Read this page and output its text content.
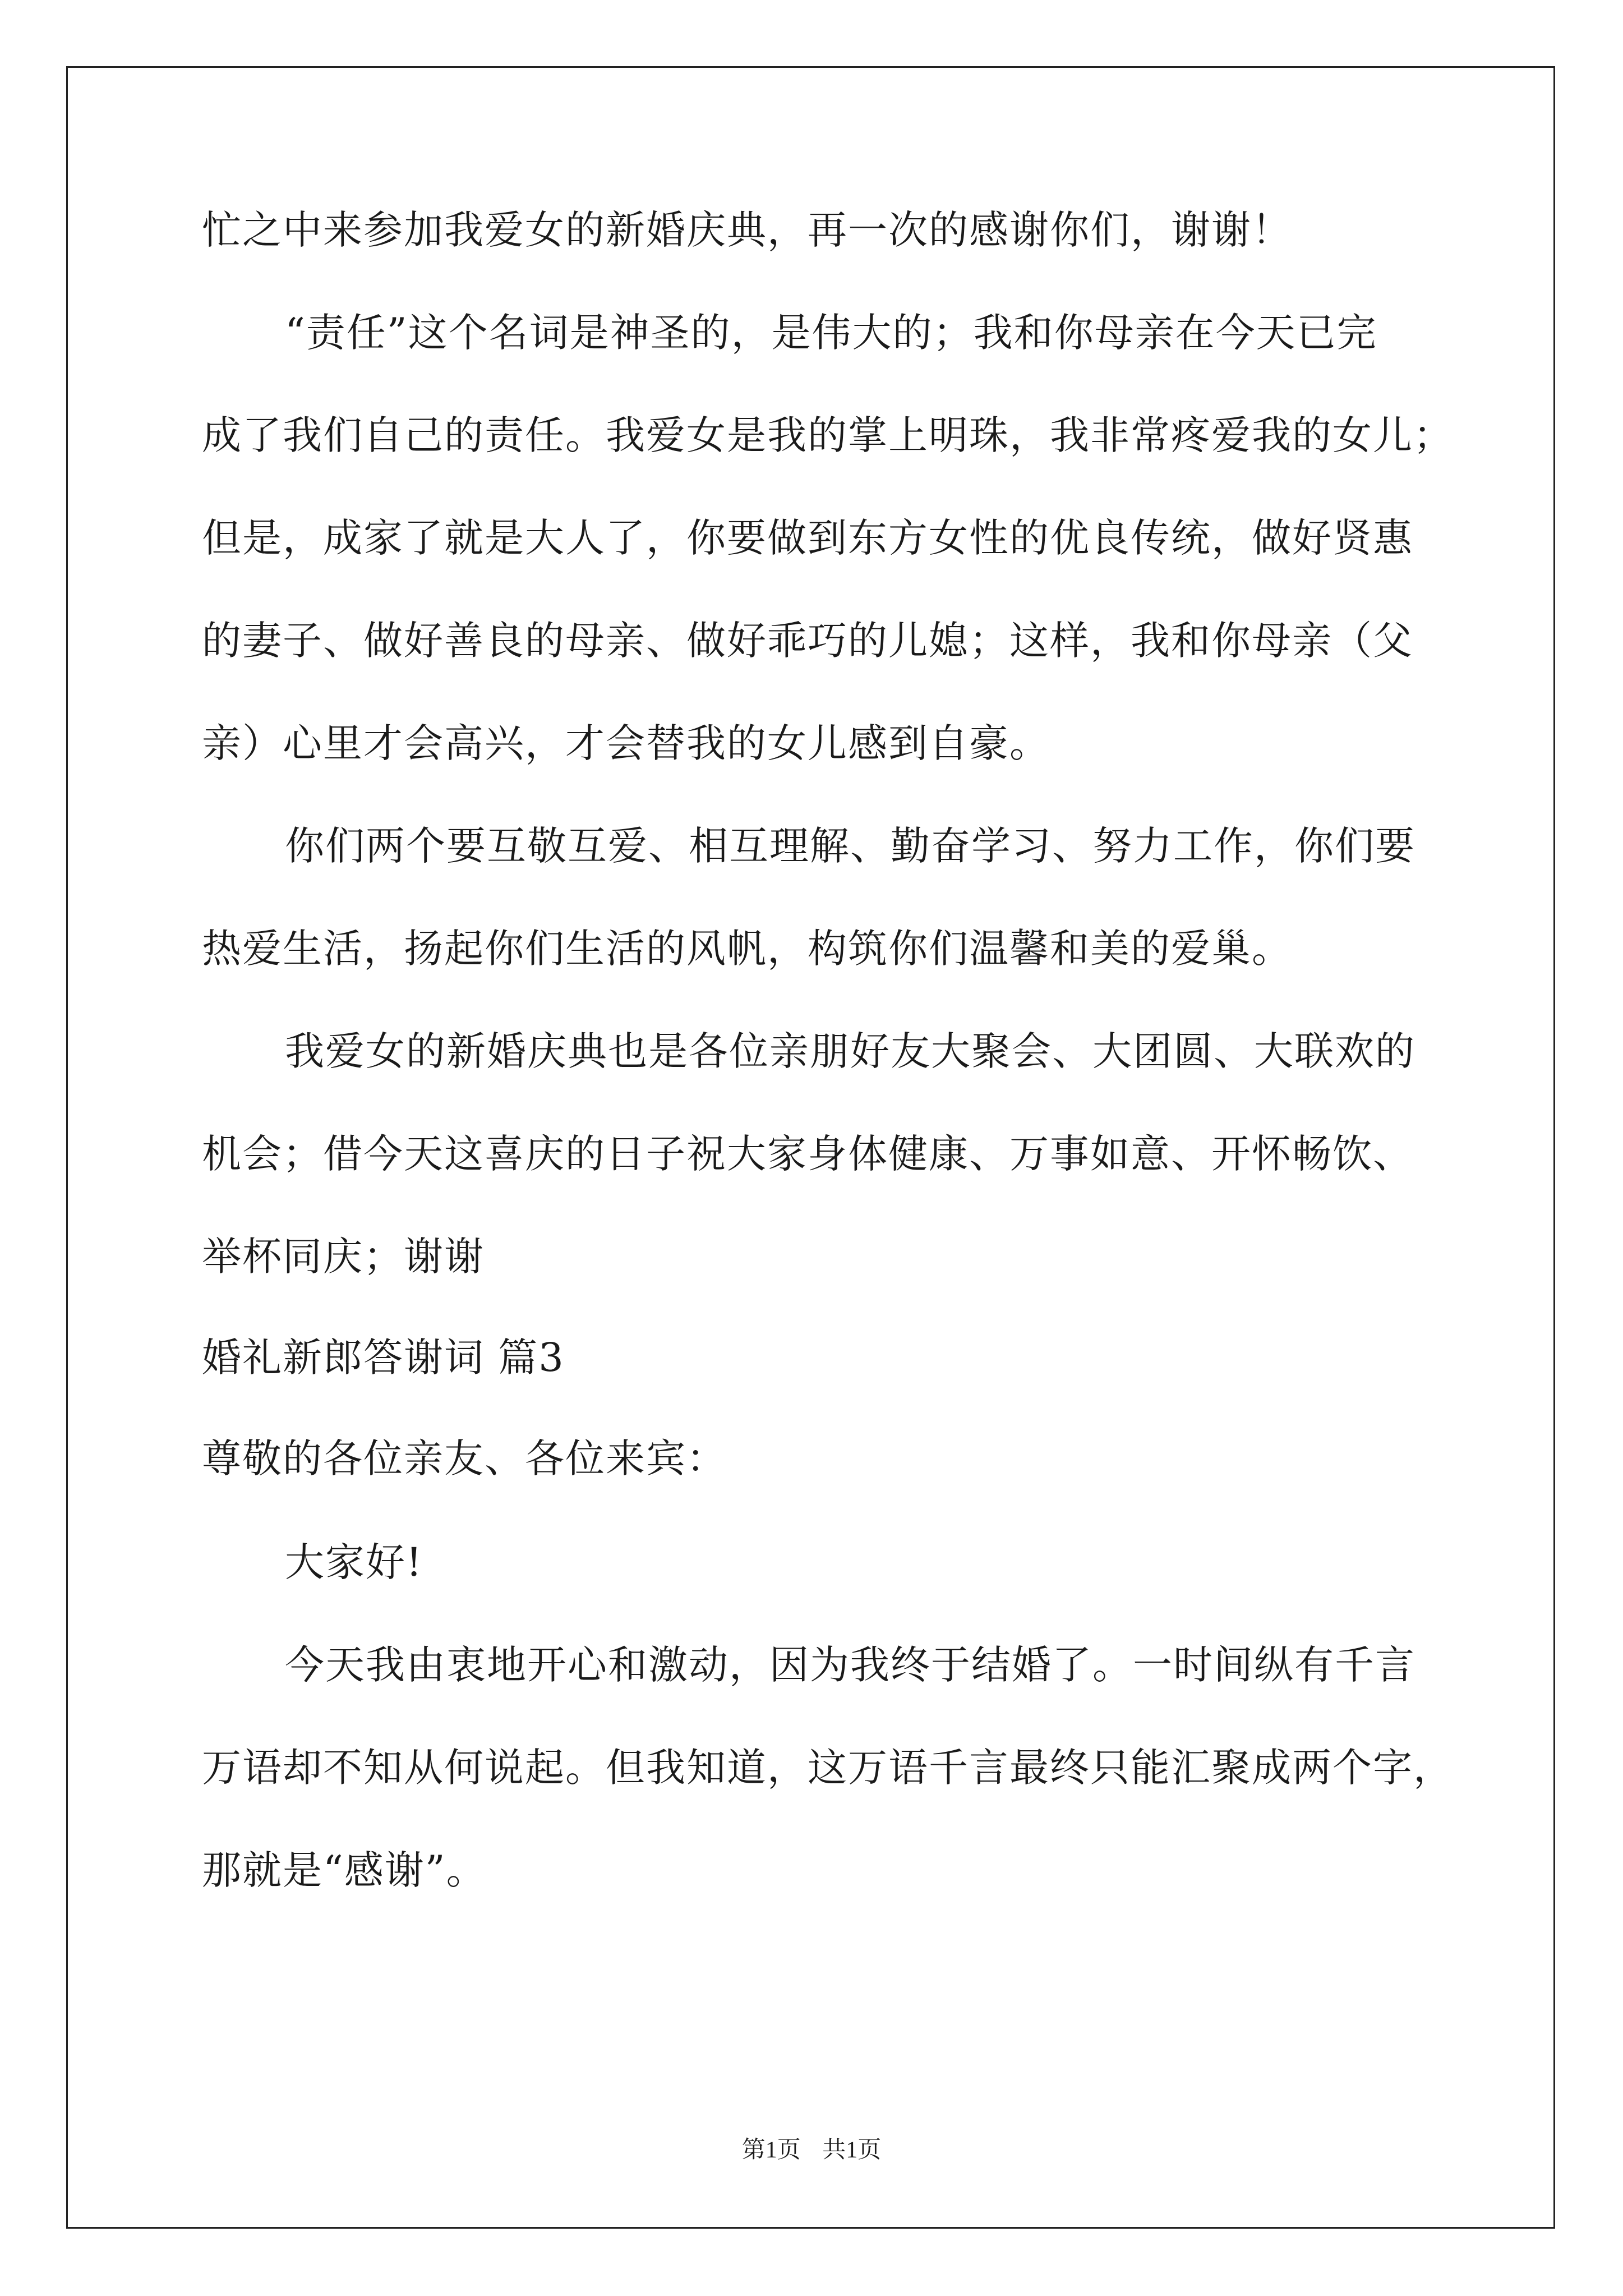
忙之中来参加我爱女的新婚庆典，再一次的感谢你们，谢谢！
“责任”这个名词是神圣的，是伟大的；我和你母亲在今天已完
成了我们自己的责任。我爱女是我的掌上明珠，我非常疼爱我的女儿；
但是，成家了就是大人了，你要做到东方女性的优良传统，做好贤惠
的妻子、做好善良的母亲、做好乖巧的儿媳；这样，我和你母亲（父
亲）心里才会高兴，才会替我的女儿感到自豪。
你们两个要互敬互爱、相互理解、勤奋学习、努力工作，你们要
热爱生活，扬起你们生活的风帆，构筑你们温馨和美的爱巢。
我爱女的新婚庆典也是各位亲朋好友大聚会、大团圆、大联欢的
机会；借今天这喜庆的日子祝大家身体健康、万事如意、开怀畅饮、
举杯同庆；谢谢
婚礼新郎答谢词 篇3
尊敬的各位亲友、各位来宾：
大家好!
今天我由衷地开心和激动，因为我终于结婚了。一时间纵有千言
万语却不知从何说起。但我知道，这万语千言最终只能汇聚成两个字，
那就是“感谢”。
第1页 共1页
